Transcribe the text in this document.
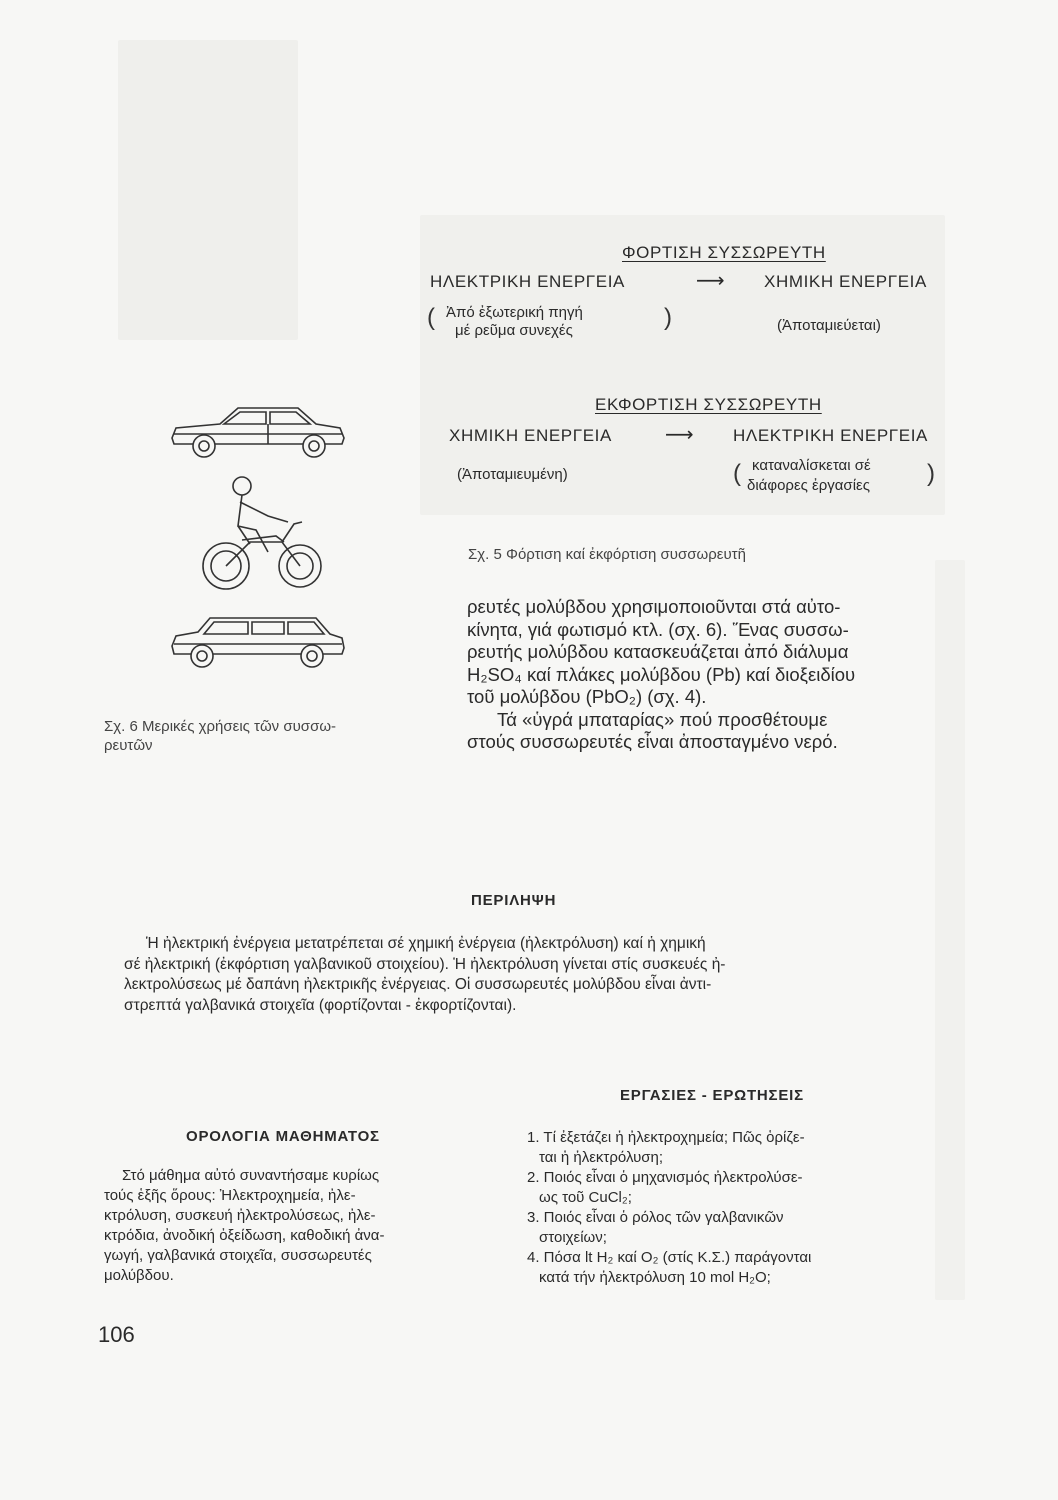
ΦΟΡΤΙΣΗ ΣΥΣΣΩΡΕΥΤΗ
ΗΛΕΚΤΡΙΚΗ ΕΝΕΡΓΕΙΑ	⟶ ΧΗΜΙΚΗ ΕΝΕΡΓΕΙΑ
( Ἀπό ἐξωτερική πηγή
μέ ρεῦμα συνεχές	)	(Ἀποταμιεύεται)
ΕΚΦΟΡΤΙΣΗ ΣΥΣΣΩΡΕΥΤΗ
ΧΗΜΙΚΗ ΕΝΕΡΓΕΙΑ	⟶ ΗΛΕΚΤΡΙΚΗ ΕΝΕΡΓΕΙΑ
(Ἀποταμιευμένη)	( καταναλίσκεται σέ
διάφορες ἐργασίες )
Σχ. 5 Φόρτιση καί ἐκφόρτιση συσσωρευτῆ
Σχ. 6 Μερικές χρήσεις τῶν συσσω-
ρευτῶν

ρευτές μολύβδου χρησιμοποιοῦνται στά αὐτο-

κίνητα, γιά φωτισμό κτλ. (σχ. 6). Ἕνας συσσω-

ρευτής μολύβδου κατασκευάζεται ἀπό διάλυμα

H₂SO₄ καί πλάκες μολύβδου (Pb) καί διοξειδίου

τοῦ μολύβδου (PbO₂) (σχ. 4).

Τά «ὑγρά μπαταρίας» πού προσθέτουμε

στούς συσσωρευτές εἶναι ἀποσταγμένο νερό.

ΠΕΡΙΛΗΨΗ
Ἡ ἠλεκτρική ἐνέργεια μετατρέπεται σέ χημική ἐνέργεια (ἠλεκτρόλυση) καί ἡ χημική
σέ ἠλεκτρική (ἐκφόρτιση γαλβανικοῦ στοιχείου). Ἡ ἠλεκτρόλυση γίνεται στίς συσκευές ἠ-
λεκτρολύσεως μέ δαπάνη ἠλεκτρικῆς ἐνέργειας. Οἱ συσσωρευτές μολύβδου εἶναι ἀντι-
στρεπτά γαλβανικά στοιχεῖα (φορτίζονται - ἐκφορτίζονται).
ΕΡΓΑΣΙΕΣ - ΕΡΩΤΗΣΕΙΣ
ΟΡΟΛΟΓΙΑ ΜΑΘΗΜΑΤΟΣ
Στό μάθημα αὐτό συναντήσαμε κυρίως
τούς ἑξῆς ὅρους: Ἠλεκτροχημεία, ἠλε-
κτρόλυση, συσκευή ἠλεκτρολύσεως, ἠλε-
κτρόδια, ἀνοδική ὀξείδωση, καθοδική ἀνα-
γωγή, γαλβανικά στοιχεῖα, συσσωρευτές
μολύβδου.
1. Τί ἐξετάζει ἡ ἠλεκτροχημεία; Πῶς ὁρίζε-
ται ἡ ἠλεκτρόλυση;
2. Ποιός εἶναι ὁ μηχανισμός ἠλεκτρολύσε-
ως τοῦ CuCl₂;
3. Ποιός εἶναι ὁ ρόλος τῶν γαλβανικῶν
στοιχείων;
4. Πόσα lt H₂ καί O₂ (στίς Κ.Σ.) παράγονται
κατά τήν ἠλεκτρόλυση 10 mol H₂O;
106
